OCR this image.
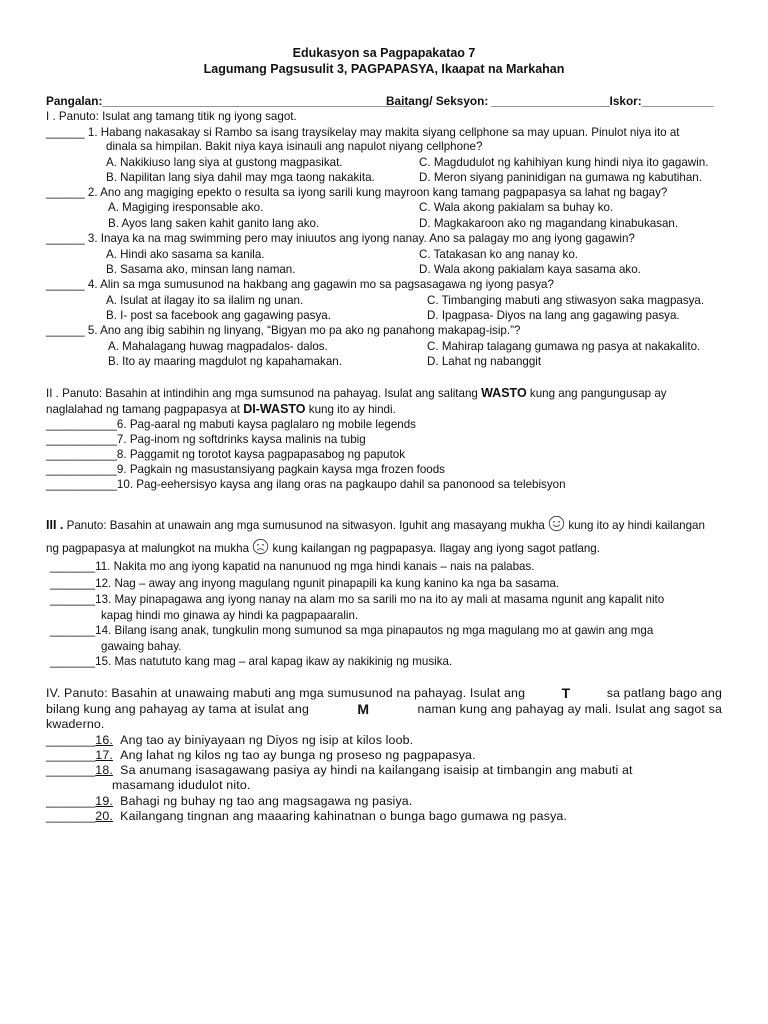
Edukasyon sa Pagpapakatao 7
Lagumang Pagsusulit 3, PAGPAPASYA, Ikaapat na Markahan
Pangalan:_______________________________________________
Baitang/ Seksyon: __________________
_Iskor:___________
I . Panuto: Isulat ang tamang titik ng iyong sagot.
______ 1. Habang nakasakay si Rambo sa isang traysikelay may makita siyang cellphone sa may upuan. Pinulot niya ito at
dinala sa himpilan. Bakit niya kaya isinauli ang napulot niyang cellphone?
A. Nakikiuso lang siya at gustong magpasikat.	C. Magdudulot ng kahihiyan kung hindi niya ito gagawin.
B. Napilitan lang siya dahil may mga taong nakakita.	D. Meron siyang paninidigan na gumawa ng kabutihan.
______ 2. Ano ang magiging epekto o resulta sa iyong sarili kung mayroon kang tamang pagpapasya sa lahat ng bagay?
A. Magiging iresponsable ako.	C. Wala akong pakialam sa buhay ko.
B. Ayos lang saken kahit ganito lang ako.	D. Magkakaroon ako ng magandang kinabukasan.
______ 3. Inaya ka na mag swimming pero may iniuutos ang iyong nanay. Ano sa palagay mo ang iyong gagawin?
A. Hindi ako sasama sa kanila.	C. Tatakasan ko ang nanay ko.
B. Sasama ako, minsan lang naman.	D. Wala akong pakialam kaya sasama ako.
______ 4. Alin sa mga sumusunod na hakbang ang gagawin mo sa pagsasagawa ng iyong pasya?
A. Isulat at ilagay ito sa ilalim ng unan.	C. Timbanging mabuti ang stiwasyon saka magpasya.
B. I- post sa facebook ang gagawing pasya.	D. Ipagpasa- Diyos na lang ang gagawing pasya.
______ 5. Ano ang ibig sabihin ng linyang, “Bigyan mo pa ako ng panahong makapag-isip.”?
A. Mahalagang huwag magpadalos- dalos.	C. Mahirap talagang gumawa ng pasya at nakakalito.
B. Ito ay maaring magdulot ng kapahamakan.	D. Lahat ng nabanggit
II . Panuto: Basahin at intindihin ang mga sumsunod na pahayag. Isulat ang salitang WASTO kung ang pangungusap ay
naglalahad ng tamang pagpapasya at DI-WASTO kung ito ay hindi.
___________6. Pag-aaral ng mabuti kaysa paglalaro ng mobile legends
___________7. Pag-inom ng softdrinks kaysa malinis na tubig
___________8. Paggamit ng torotot kaysa pagpapasabog ng paputok
___________9. Pagkain ng masustansiyang pagkain kaysa mga frozen foods
___________10. Pag-eehersisyo kaysa ang ilang oras na pagkaupo dahil sa panonood sa telebisyon
III . Panuto: Basahin at unawain ang mga sumusunod na sitwasyon. Iguhit ang masayang mukha kung ito ay hindi kailangan
ng pagpapasya at malungkot na mukha kung kailangan ng pagpapasya. Ilagay ang iyong sagot patlang.
_______11. Nakita mo ang iyong kapatid na nanunuod ng mga hindi kanais – nais na palabas.
_______12. Nag – away ang inyong magulang ngunit pinapapili ka kung kanino ka nga ba sasama.
_______13. May pinapagawa ang iyong nanay na alam mo sa sarili mo na ito ay mali at masama ngunit ang kapalit nito
kapag hindi mo ginawa ay hindi ka pagpapaaralin.
_______14. Bilang isang anak, tungkulin mong sumunod sa mga pinapautos ng mga magulang mo at gawin ang mga
gawaing bahay.
_______15. Mas natututo kang mag – aral kapag ikaw ay nakikinig ng musika.
IV. Panuto: Basahin at unawaing mabuti ang mga sumusunod na pahayag. Isulat ang	T	sa patlang bago ang
bilang kung ang pahayag ay tama at isulat ang	M	naman kung ang pahayag ay mali. Isulat ang sagot sa
kwaderno.
_______16. Ang tao ay biniyayaan ng Diyos ng isip at kilos loob.
_______17. Ang lahat ng kilos ng tao ay bunga ng proseso ng pagpapasya.
_______18. Sa anumang isasagawang pasiya ay hindi na kailangang isaisip at timbangin ang mabuti at
masamang idudulot nito.
_______19. Bahagi ng buhay ng tao ang magsagawa ng pasiya.
_______20. Kailangang tingnan ang maaaring kahinatnan o bunga bago gumawa ng pasya.
